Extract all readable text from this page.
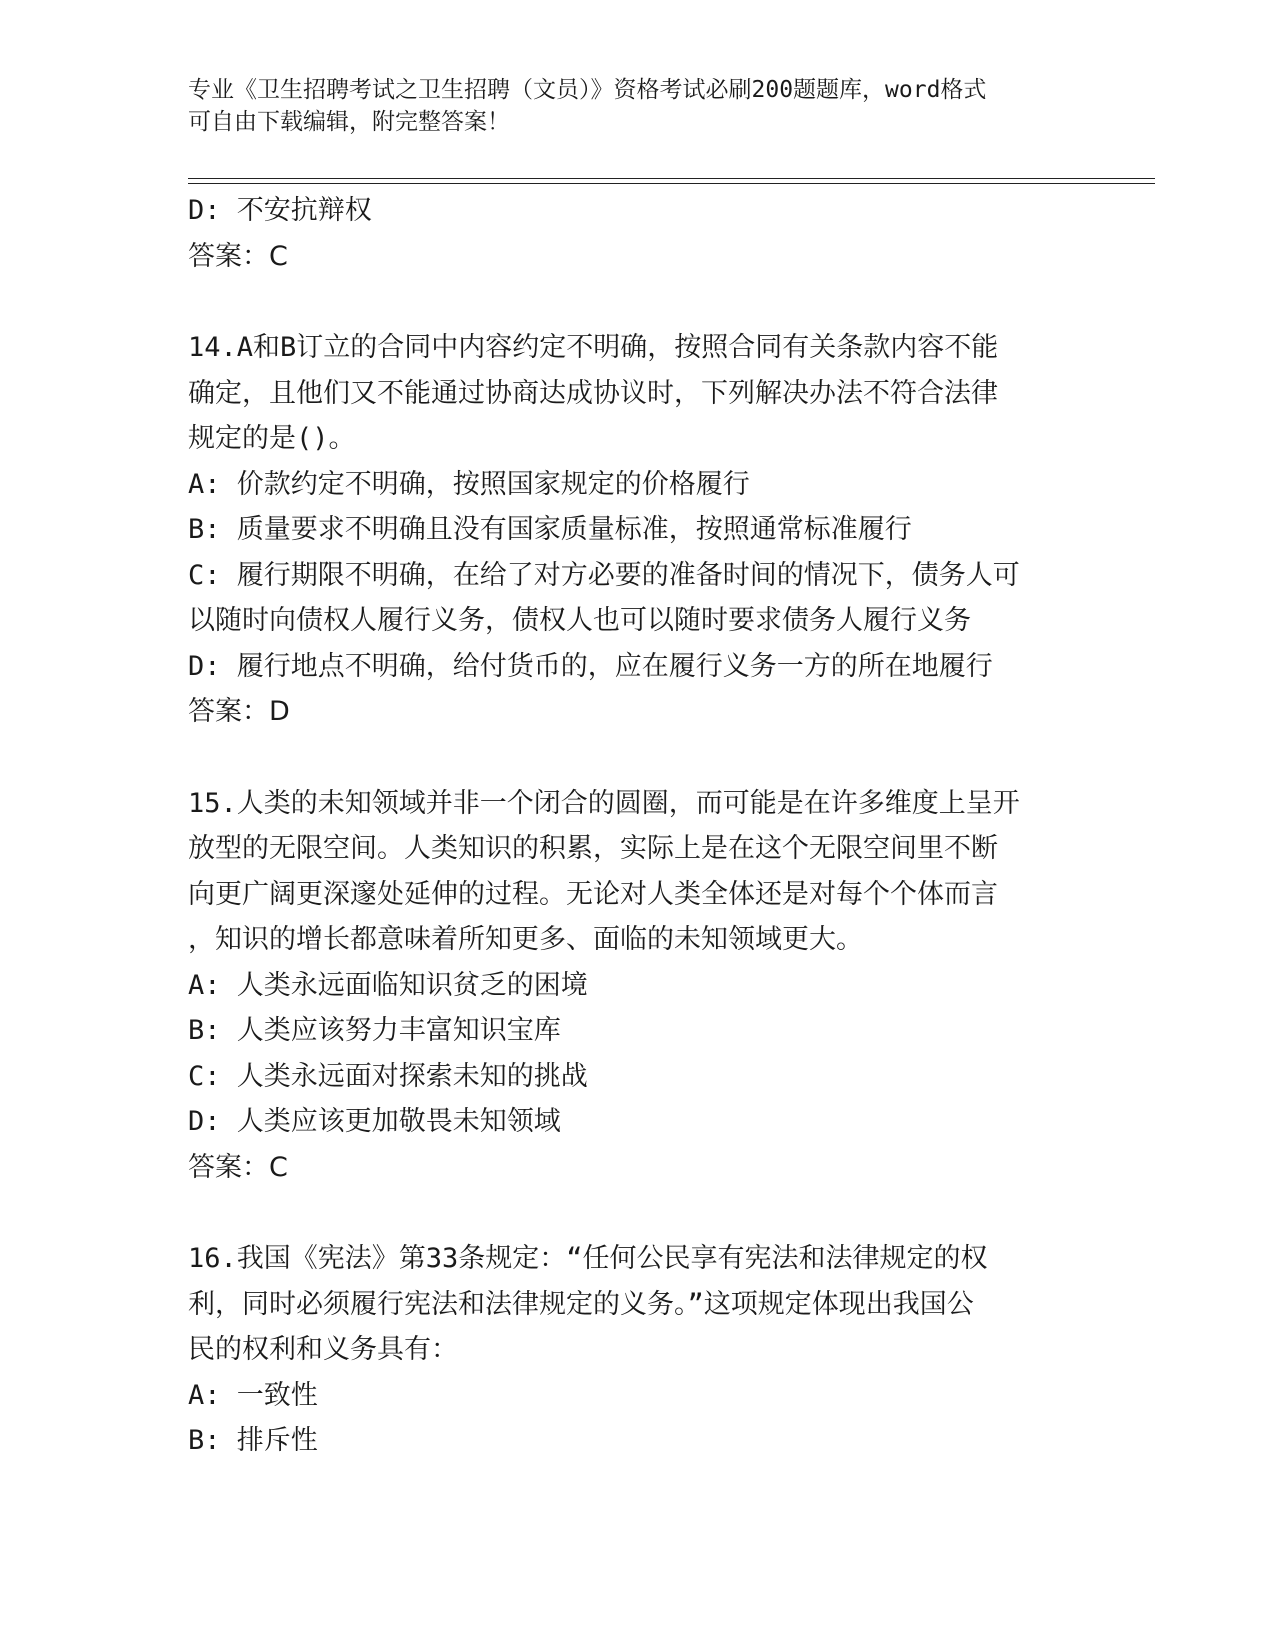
专业《卫生招聘考试之卫生招聘（文员）》资格考试必刷200题题库，word格式
可自由下载编辑，附完整答案！
D: 不安抗辩权
答案：C
14.A和B订立的合同中内容约定不明确，按照合同有关条款内容不能
确定，且他们又不能通过协商达成协议时，下列解决办法不符合法律
规定的是()。
A: 价款约定不明确，按照国家规定的价格履行
B: 质量要求不明确且没有国家质量标准，按照通常标准履行
C: 履行期限不明确，在给了对方必要的准备时间的情况下，债务人可
以随时向债权人履行义务，债权人也可以随时要求债务人履行义务
D: 履行地点不明确，给付货币的，应在履行义务一方的所在地履行
答案：D
15.人类的未知领域并非一个闭合的圆圈，而可能是在许多维度上呈开
放型的无限空间。人类知识的积累，实际上是在这个无限空间里不断
向更广阔更深邃处延伸的过程。无论对人类全体还是对每个个体而言
，知识的增长都意味着所知更多、面临的未知领域更大。
A: 人类永远面临知识贫乏的困境
B: 人类应该努力丰富知识宝库
C: 人类永远面对探索未知的挑战
D: 人类应该更加敬畏未知领域
答案：C
16.我国《宪法》第33条规定：“任何公民享有宪法和法律规定的权
利，同时必须履行宪法和法律规定的义务。”这项规定体现出我国公
民的权利和义务具有：
A: 一致性
B: 排斥性
